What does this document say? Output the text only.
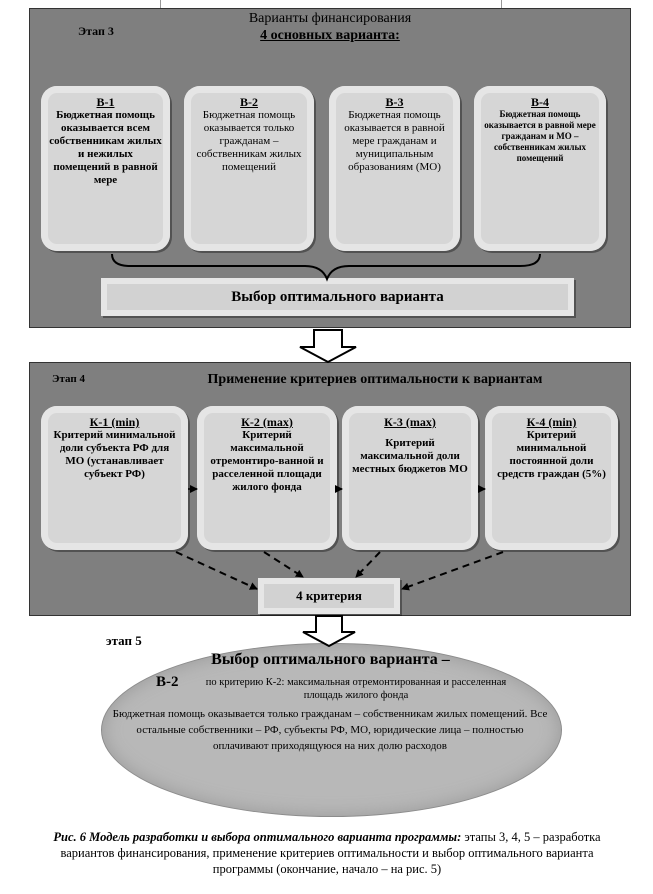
Этап 3
Варианты финансирования
4 основных варианта:
В-1
Бюджетная помощь оказывается всем собственникам жилых и нежилых помещений в равной мере
В-2
Бюджетная помощь оказывается только гражданам – собственникам жилых помещений
В-3
Бюджетная помощь оказывается в равной мере гражданам и муниципальным образованиям (МО)
В-4
Бюджетная помощь оказывается в равной мере гражданам и МО – собственникам жилых помещений
Выбор оптимального варианта
Этап 4	Применение критериев оптимальности к вариантам
К-1 (min)
Критерий минимальной доли субъекта РФ для МО (устанавливает субъект РФ)
К-2 (max)
Критерий максимальной отремонтиро-ванной и расселенной площади жилого фонда
К-3 (max)
Критерий максимальной доли местных бюджетов МО
К-4 (min)
Критерий минимальной постоянной доли средств граждан (5%)
4 критерия
этап 5
Выбор оптимального варианта –
В-2	по критерию К-2: максимальная отремонтированная и расселенная площадь жилого фонда
Бюджетная помощь оказывается только гражданам – собственникам жилых помещений. Все остальные собственники – РФ, субъекты РФ, МО, юридические лица – полностью оплачивают приходящуюся на них долю расходов
Рис. 6 Модель разработки и выбора оптимального варианта программы: этапы 3, 4, 5 – разработка вариантов финансирования, применение критериев оптимальности и выбор оптимального варианта программы (окончание, начало – на рис. 5)
